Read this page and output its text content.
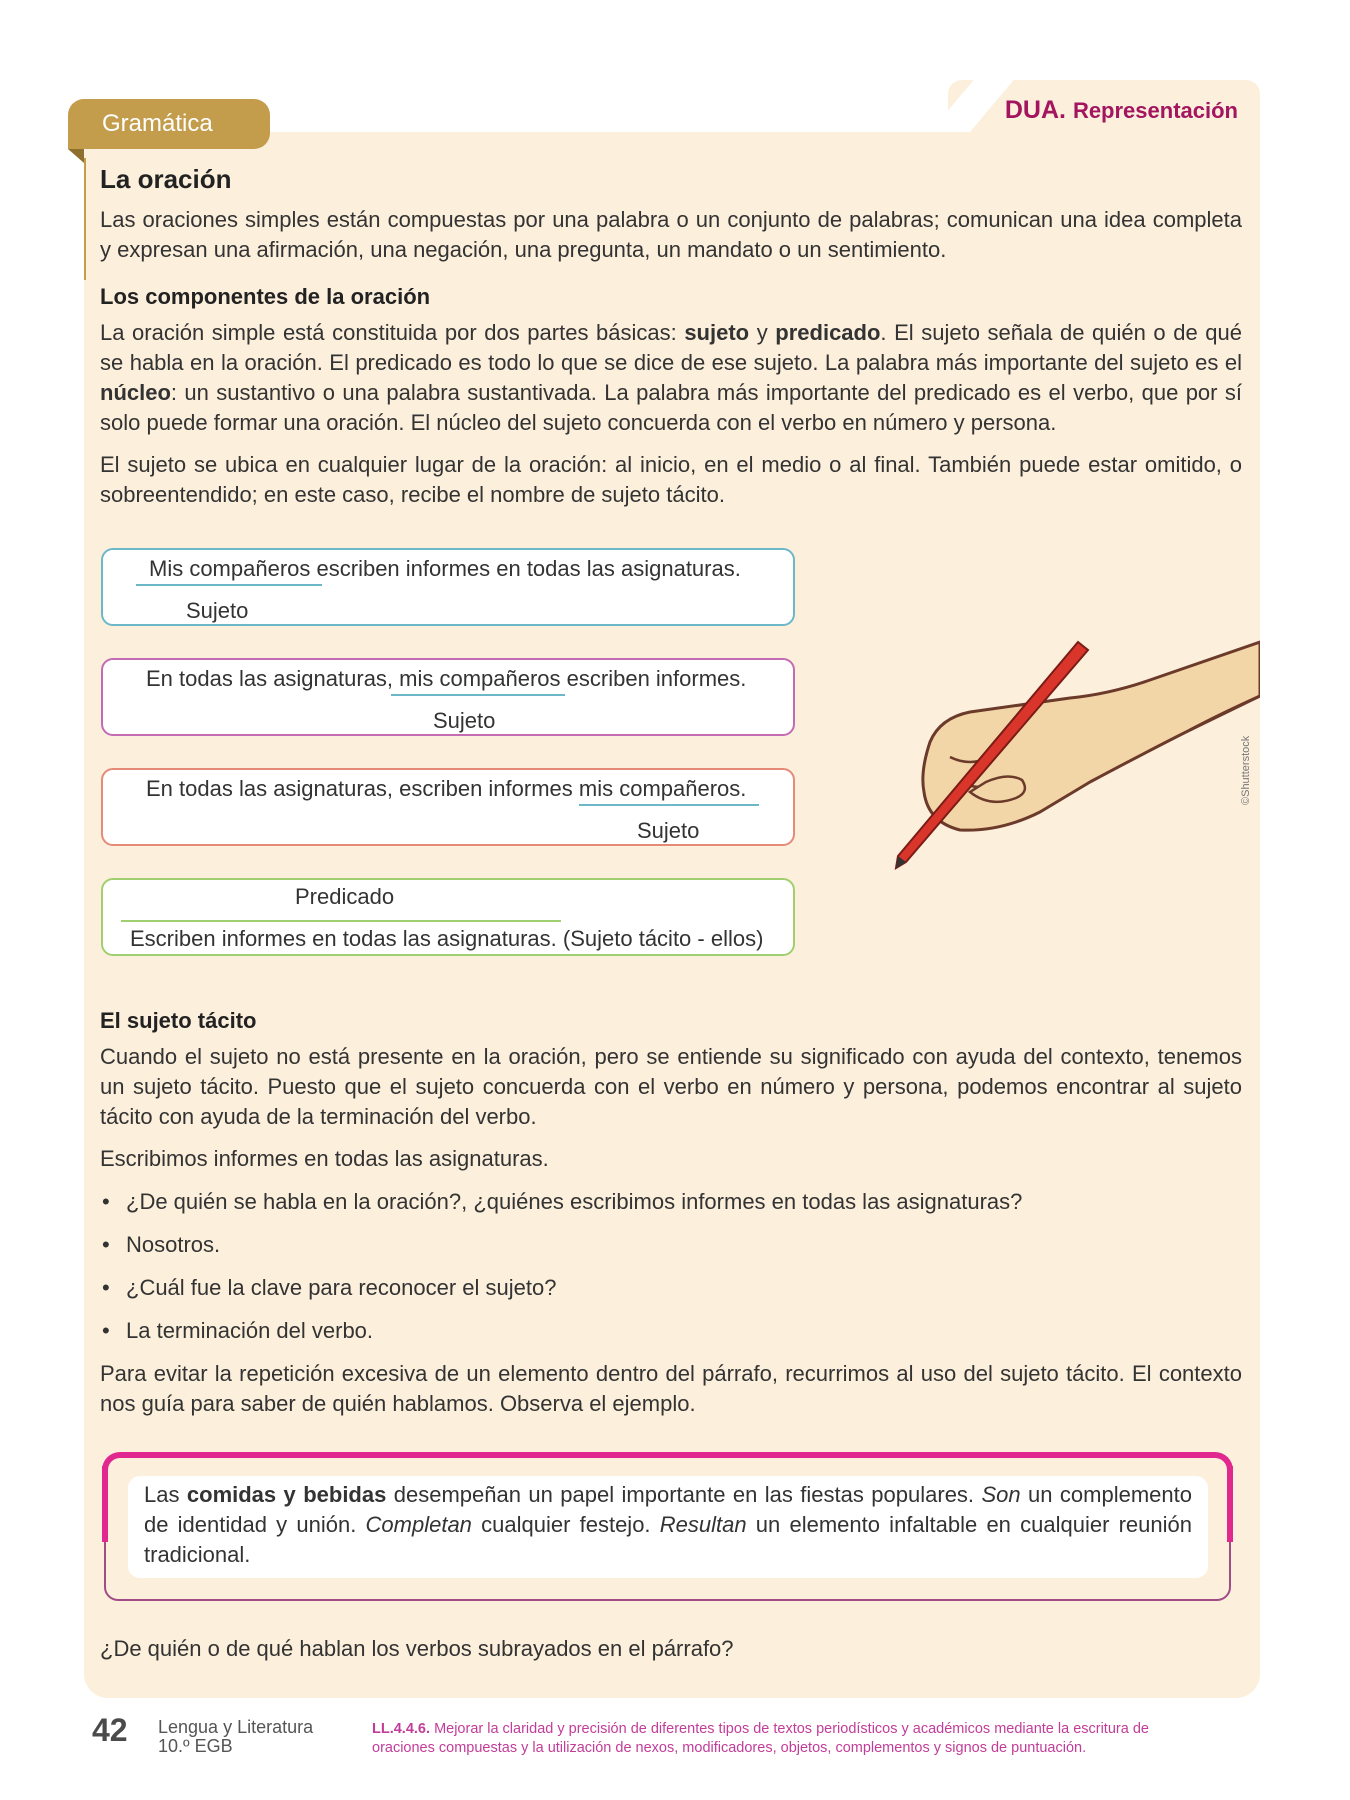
DUA. Representación
Gramática
La oración

Las oraciones simples están compuestas por una palabra o un conjunto de palabras; comunican una idea completa y expresan una afirmación, una negación, una pregunta, un mandato o un sentimiento.

Los componentes de la oración

La oración simple está constituida por dos partes básicas: sujeto y predicado. El sujeto señala de quién o de qué se habla en la oración. El predicado es todo lo que se dice de ese sujeto. La palabra más importante del sujeto es el núcleo: un sustantivo o una palabra sustantivada. La palabra más importante del predicado es el verbo, que por sí solo puede formar una oración. El núcleo del sujeto concuerda con el verbo en número y persona.

El sujeto se ubica en cualquier lugar de la oración: al inicio, en el medio o al final. También puede estar omitido, o sobreentendido; en este caso, recibe el nombre de sujeto tácito.

Mis compañeros escriben informes en todas las asignaturas.
Sujeto
En todas las asignaturas, mis compañeros escriben informes.
Sujeto
En todas las asignaturas, escriben informes mis compañeros.
Sujeto
Predicado
Escriben informes en todas las asignaturas. (Sujeto tácito - ellos)
©Shutterstock
El sujeto tácito

Cuando el sujeto no está presente en la oración, pero se entiende su significado con ayuda del contexto, tenemos un sujeto tácito. Puesto que el sujeto concuerda con el verbo en número y persona, podemos encontrar al sujeto tácito con ayuda de la terminación del verbo.

Escribimos informes en todas las asignaturas.

• ¿De quién se habla en la oración?, ¿quiénes escribimos informes en todas las asignaturas?
• Nosotros.
• ¿Cuál fue la clave para reconocer el sujeto?
• La terminación del verbo.

Para evitar la repetición excesiva de un elemento dentro del párrafo, recurrimos al uso del sujeto tácito. El contexto nos guía para saber de quién hablamos. Observa el ejemplo.

Las comidas y bebidas desempeñan un papel importante en las fiestas populares. Son un complemento de identidad y unión. Completan cualquier festejo. Resultan un elemento infaltable en cualquier reunión tradicional.

¿De quién o de qué hablan los verbos subrayados en el párrafo?

42 Lengua y Literatura
10.º EGB
LL.4.4.6. Mejorar la claridad y precisión de diferentes tipos de textos periodísticos y académicos mediante la escritura de oraciones compuestas y la utilización de nexos, modificadores, objetos, complementos y signos de puntuación.
